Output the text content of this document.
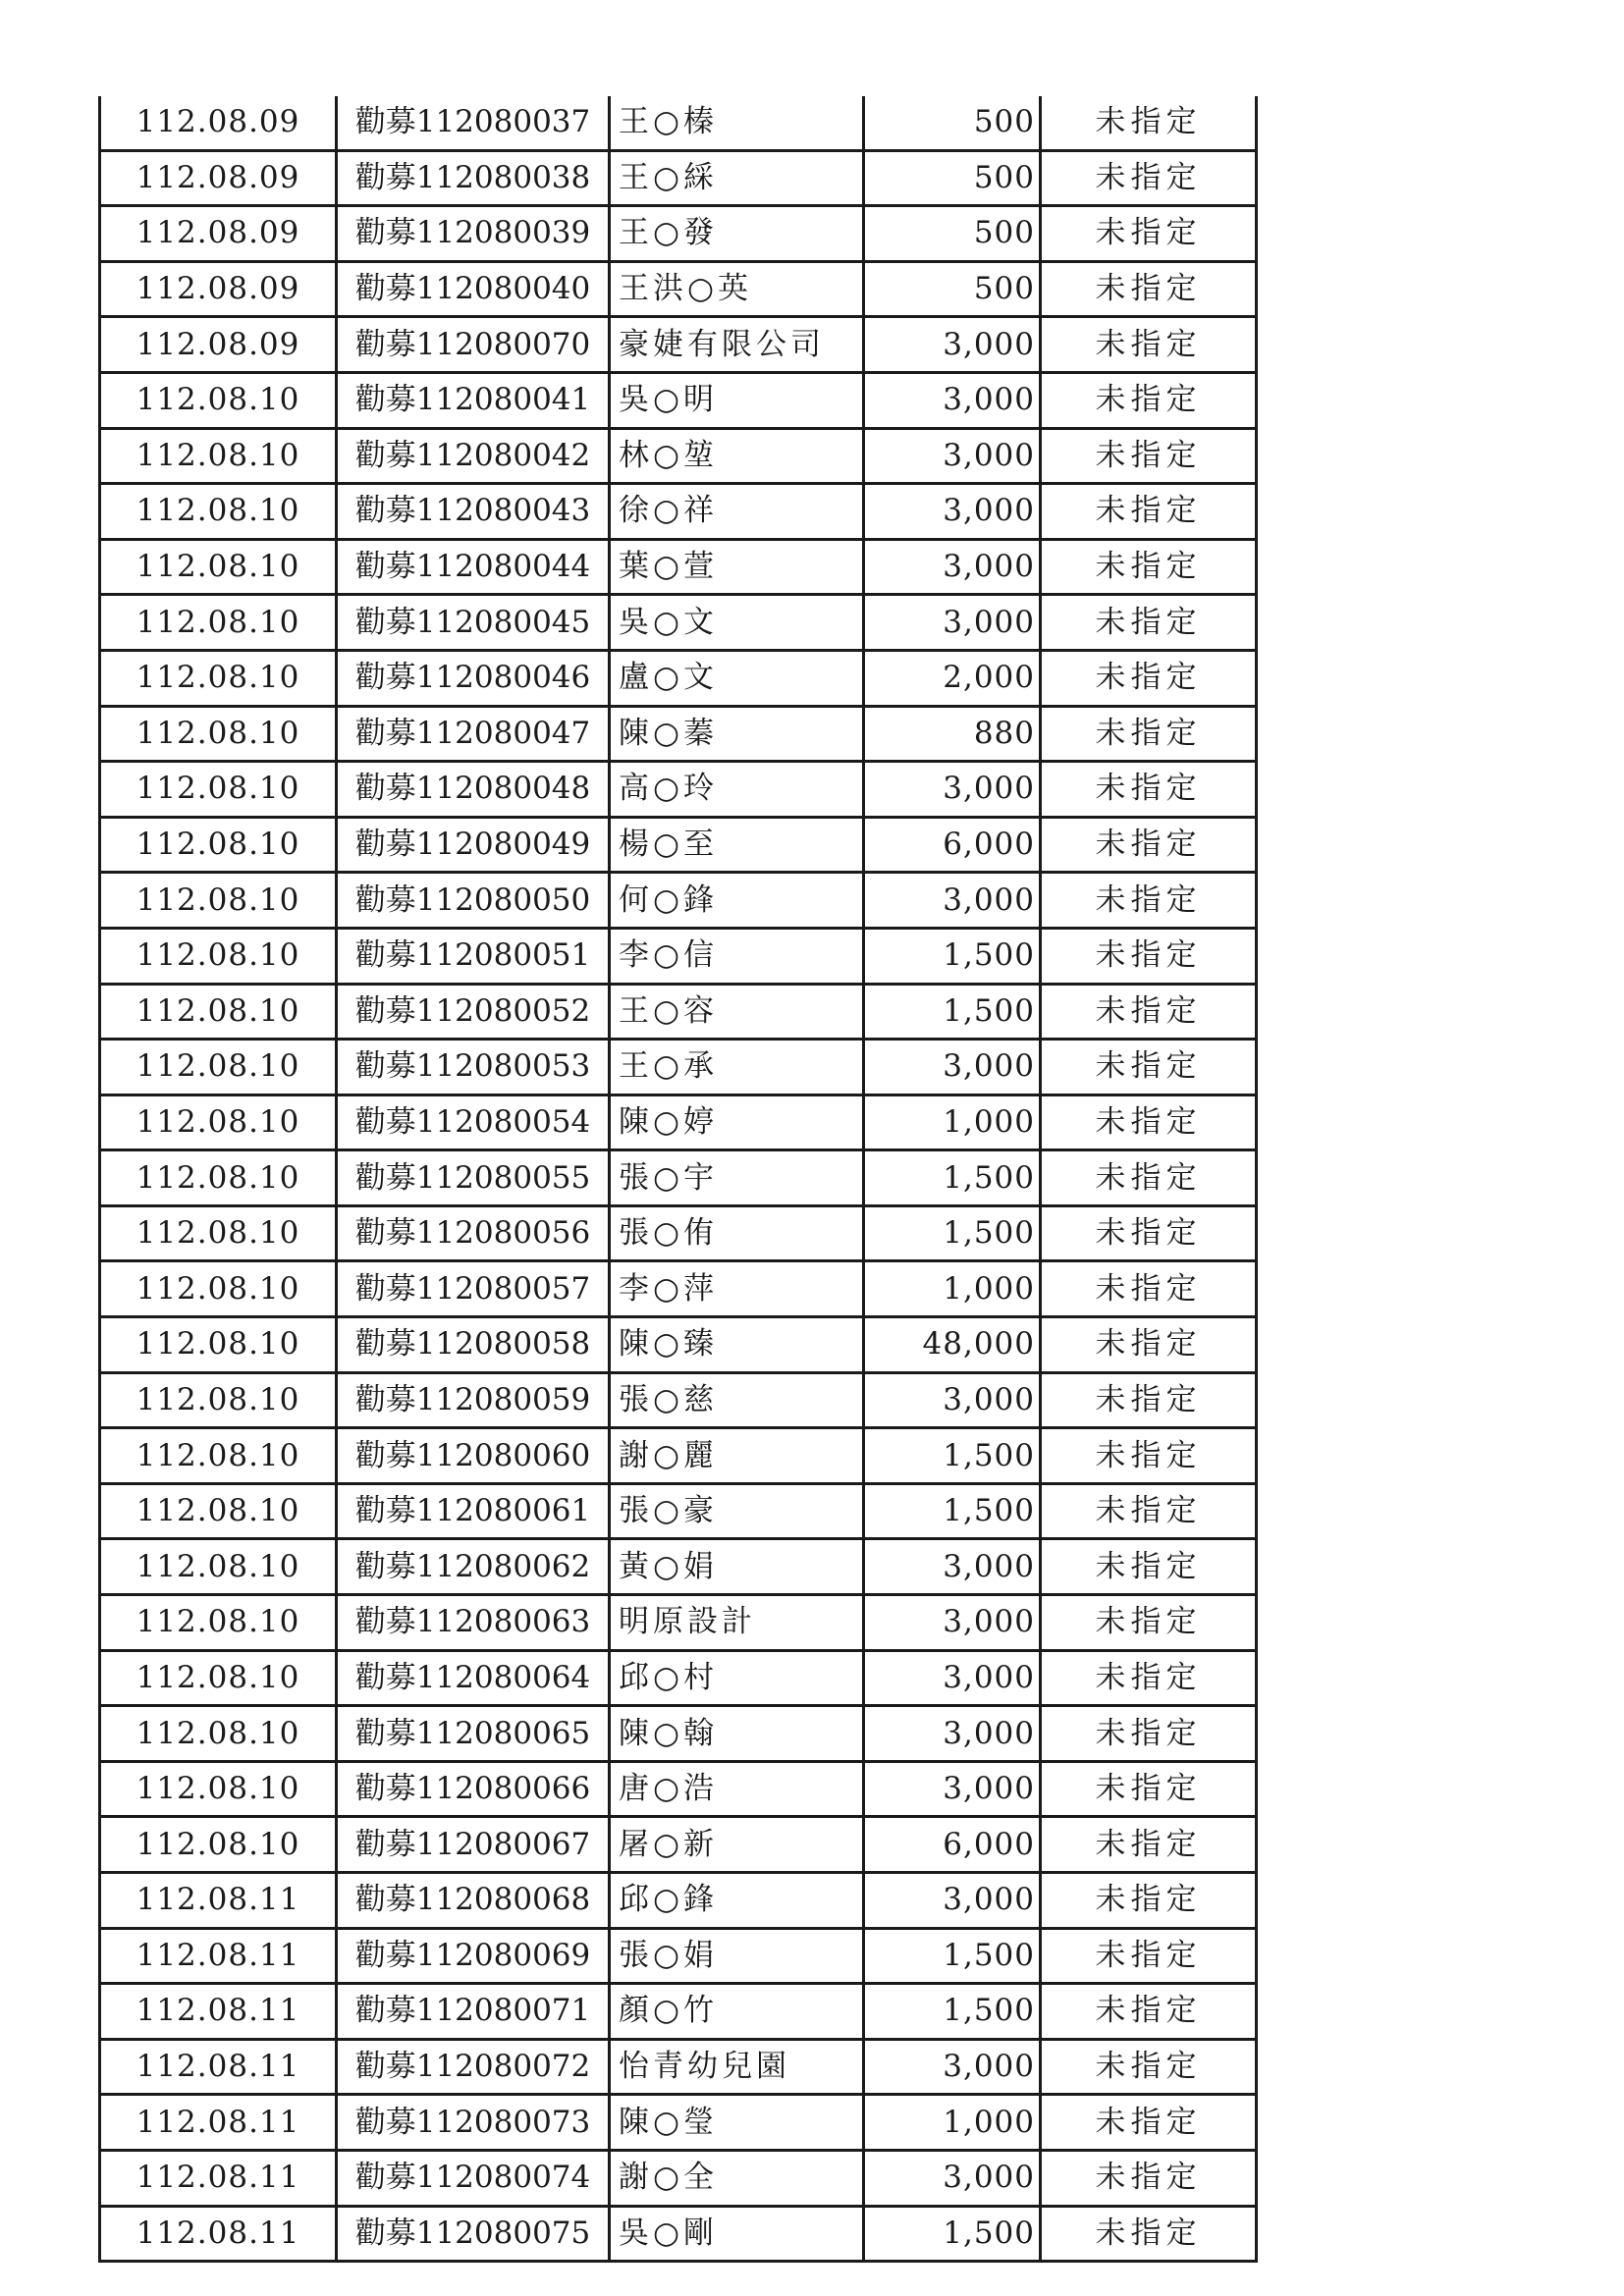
112.08.09	勸募112080037	王○榛	500	未指定
112.08.09	勸募112080038	王○綵	500	未指定
112.08.09	勸募112080039	王○發	500	未指定
112.08.09	勸募112080040	王洪○英	500	未指定
112.08.09	勸募112080070	豪婕有限公司	3,000	未指定
112.08.10	勸募112080041	吳○明	3,000	未指定
112.08.10	勸募112080042	林○堃	3,000	未指定
112.08.10	勸募112080043	徐○祥	3,000	未指定
112.08.10	勸募112080044	葉○萱	3,000	未指定
112.08.10	勸募112080045	吳○文	3,000	未指定
112.08.10	勸募112080046	盧○文	2,000	未指定
112.08.10	勸募112080047	陳○蓁	880	未指定
112.08.10	勸募112080048	高○玲	3,000	未指定
112.08.10	勸募112080049	楊○至	6,000	未指定
112.08.10	勸募112080050	何○鋒	3,000	未指定
112.08.10	勸募112080051	李○信	1,500	未指定
112.08.10	勸募112080052	王○容	1,500	未指定
112.08.10	勸募112080053	王○承	3,000	未指定
112.08.10	勸募112080054	陳○婷	1,000	未指定
112.08.10	勸募112080055	張○宇	1,500	未指定
112.08.10	勸募112080056	張○侑	1,500	未指定
112.08.10	勸募112080057	李○萍	1,000	未指定
112.08.10	勸募112080058	陳○臻	48,000	未指定
112.08.10	勸募112080059	張○慈	3,000	未指定
112.08.10	勸募112080060	謝○麗	1,500	未指定
112.08.10	勸募112080061	張○豪	1,500	未指定
112.08.10	勸募112080062	黃○娟	3,000	未指定
112.08.10	勸募112080063	明原設計	3,000	未指定
112.08.10	勸募112080064	邱○村	3,000	未指定
112.08.10	勸募112080065	陳○翰	3,000	未指定
112.08.10	勸募112080066	唐○浩	3,000	未指定
112.08.10	勸募112080067	屠○新	6,000	未指定
112.08.11	勸募112080068	邱○鋒	3,000	未指定
112.08.11	勸募112080069	張○娟	1,500	未指定
112.08.11	勸募112080071	顏○竹	1,500	未指定
112.08.11	勸募112080072	怡青幼兒園	3,000	未指定
112.08.11	勸募112080073	陳○瑩	1,000	未指定
112.08.11	勸募112080074	謝○全	3,000	未指定
112.08.11	勸募112080075	吳○剛	1,500	未指定
